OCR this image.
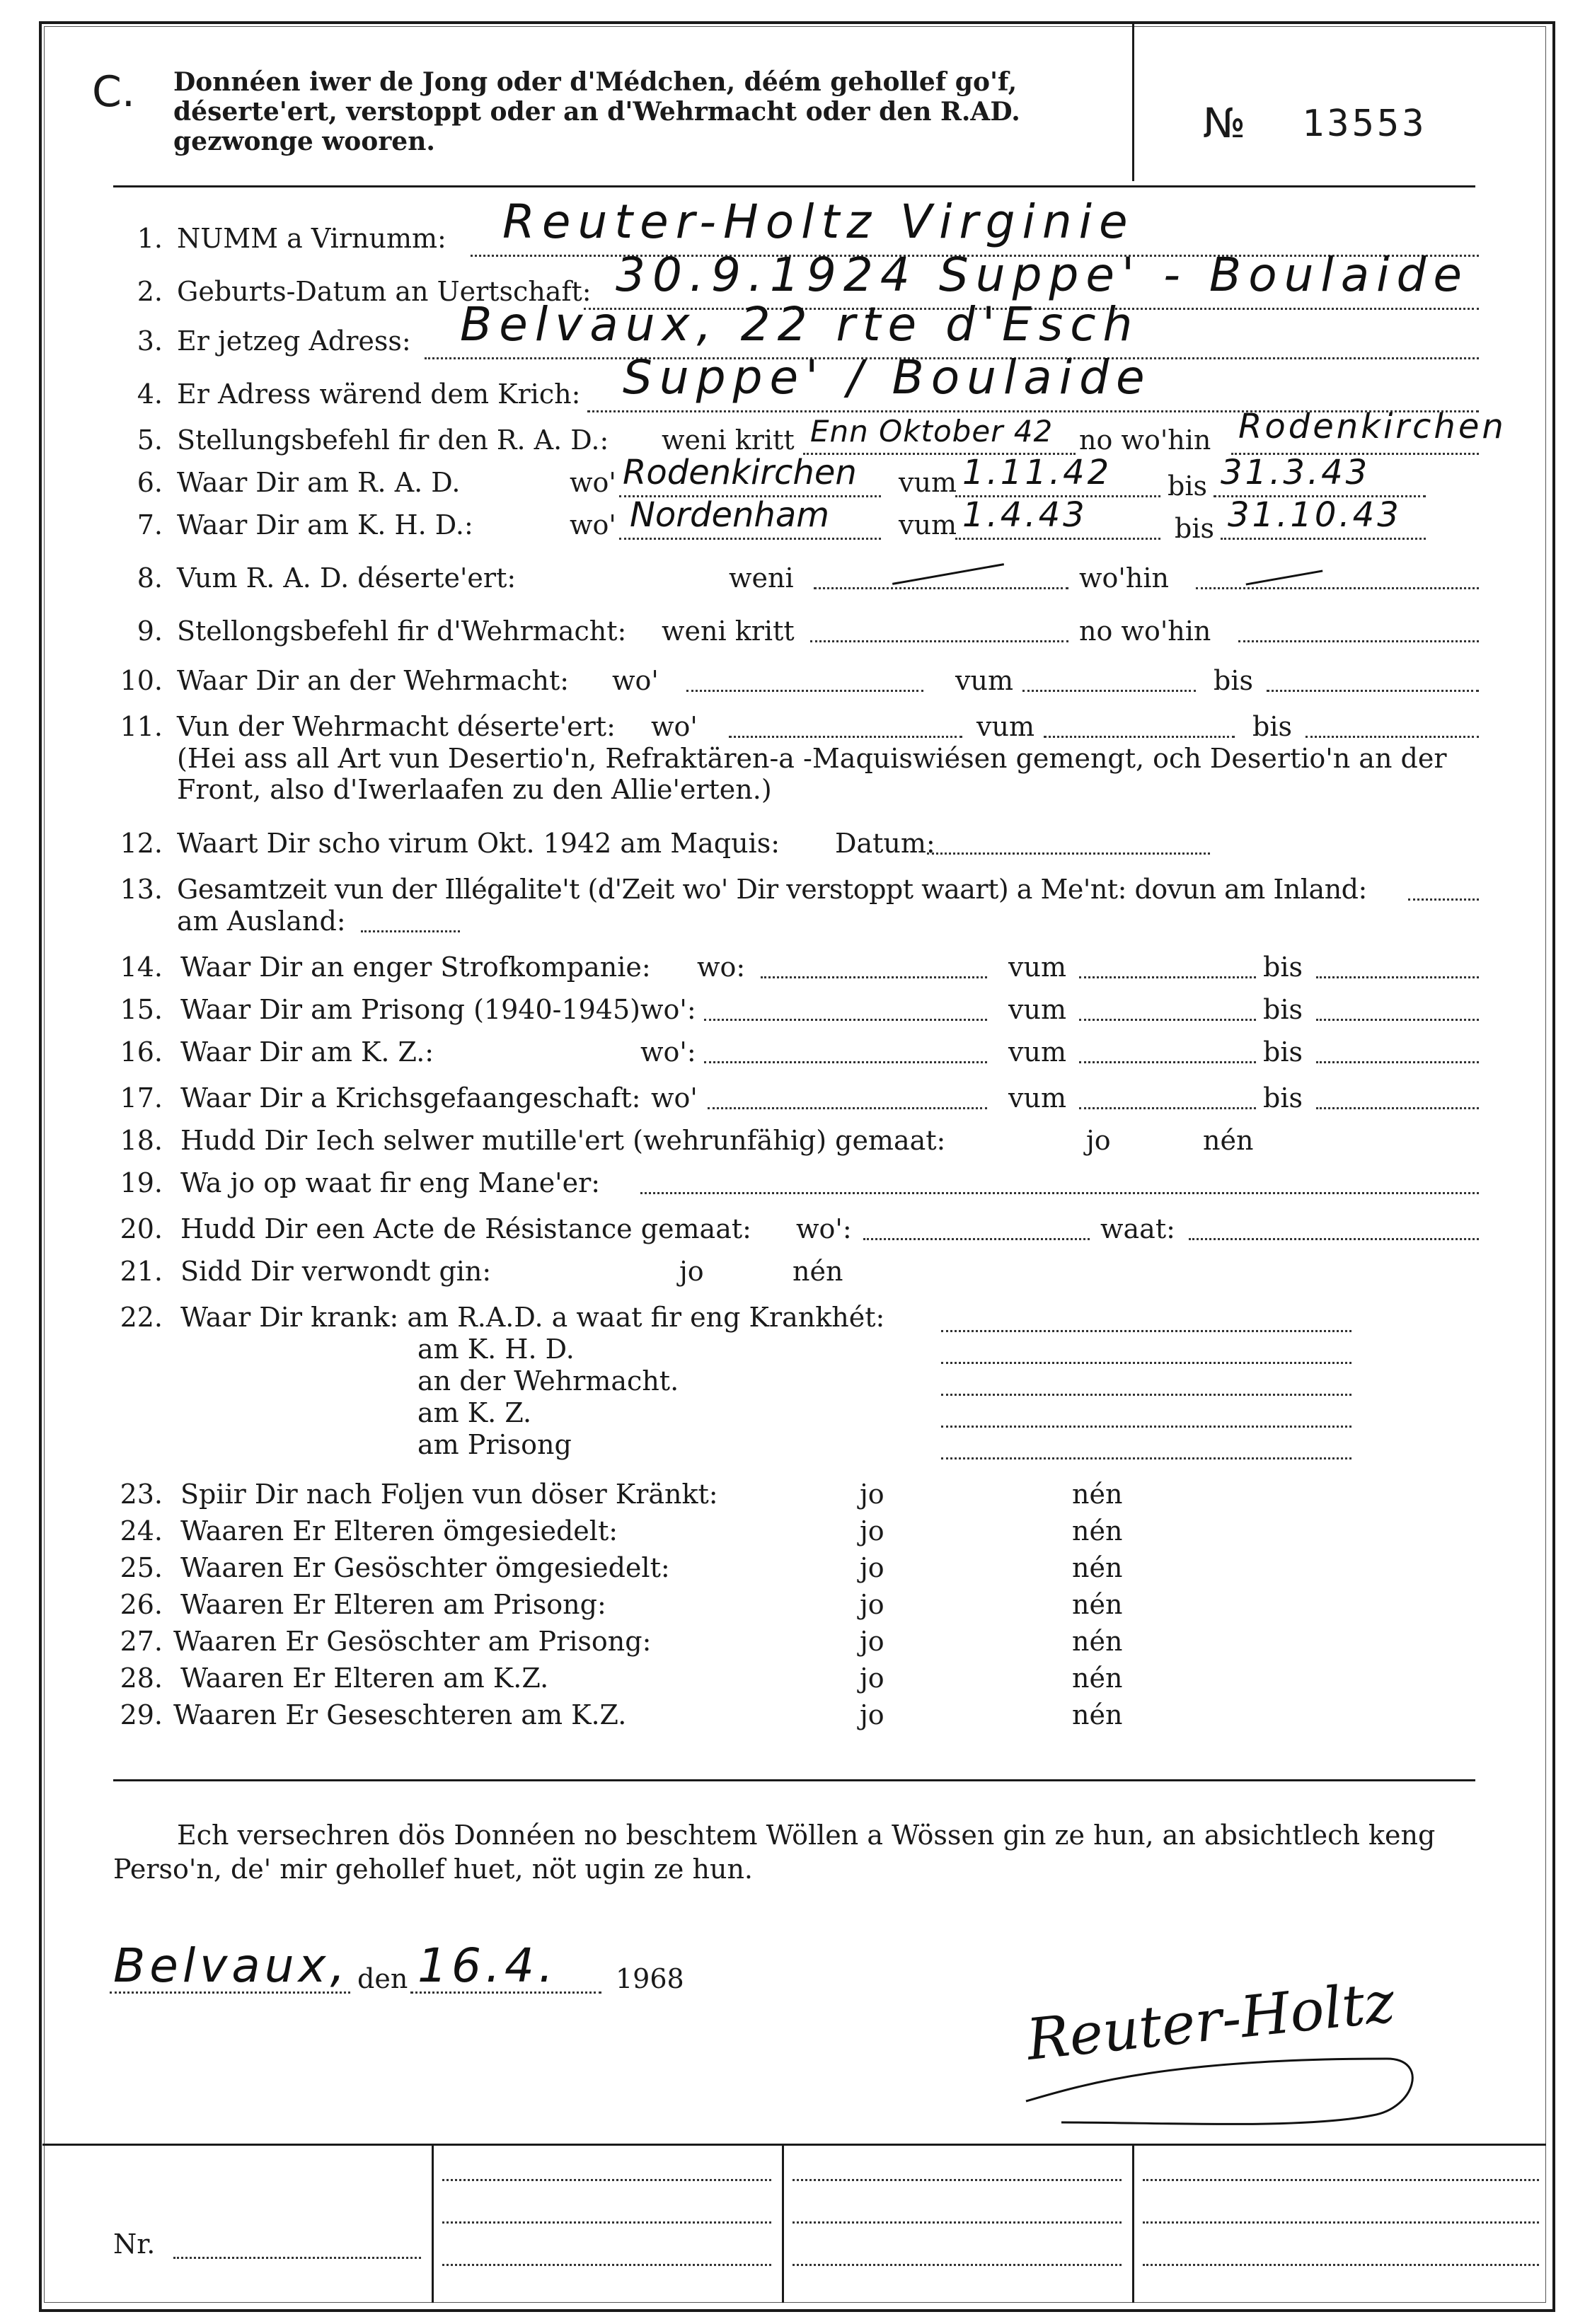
C. Donnéen iwer de Jong oder d'Médchen, déém gehollef go'f, déserte'ert, verstoppt oder an d'Wehrmacht oder den R.AD. gezwonge wooren.	№ 13553
1. NUMM a Virnumm: Reuter-Holtz Virginie
2. Geburts-Datum an Uertschaft: 30.9.1924 Suppe' - Boulaide
3. Er jetzeg Adress: Belvaux, 22 rte d'Esch
4. Er Adress wärend dem Krich: Suppe' / Boulaide
5. Stellungsbefehl fir den R. A. D.: weni kritt Enn Oktober 42 no wo'hin Rodenkirchen
6. Waar Dir am R. A. D.	wo' Rodenkirchen vum 1.11.42 bis 31.3.43
7. Waar Dir am K. H. D.:	wo' Nordenham	vum 1.4.43	bis 31.10.43
8. Vum R. A. D. déserte'ert:	weni	wo'hin
9. Stellongsbefehl fir d'Wehrmacht: weni kritt	no wo'hin
10. Waar Dir an der Wehrmacht: wo'	vum	bis
11. Vun der Wehrmacht déserte'ert: wo'	vum	bis
(Hei ass all Art vun Desertio'n, Refraktären-a -Maquiswiésen gemengt, och Desertio'n an der Front, also d'Iwerlaafen zu den Allie'erten.)
12. Waart Dir scho virum Okt. 1942 am Maquis: Datum:
13. Gesamtzeit vun der Illégalite't (d'Zeit wo' Dir verstoppt waart) a Me'nt: dovun am Inland:
am Ausland:
14. Waar Dir an enger Strofkompanie: wo:	vum	bis
15. Waar Dir am Prisong (1940-1945) wo':	vum	bis
16. Waar Dir am K. Z.:	wo':	vum	bis
17. Waar Dir a Krichsgefaangeschaft: wo'	vum	bis
18. Hudd Dir Iech selwer mutille'ert (wehrunfähig) gemaat:	jo	nén
19. Wa jo op waat fir eng Mane'er:
20. Hudd Dir een Acte de Résistance gemaat: wo':	waat:
21. Sidd Dir verwondt gin:	jo	nén
22. Waar Dir krank: am R.A.D. a waat fir eng Krankhét:
am K. H. D.
an der Wehrmacht.
am K. Z.
am Prisong
23. Spiir Dir nach Foljen vun döser Kränkt:	jo	nén
24. Waaren Er Elteren ömgesiedelt:	jo	nén
25. Waaren Er Gesöschter ömgesiedelt:	jo	nén
26. Waaren Er Elteren am Prisong:	jo	nén
27. Waaren Er Gesöschter am Prisong:	jo	nén
28. Waaren Er Elteren am K.Z.	jo	nén
29. Waaren Er Geseschteren am K.Z.	jo	nén
Ech versechren dös Donnéen no beschtem Wöllen a Wössen gin ze hun, an absichtlech keng Perso'n, de' mir gehollef huet, nöt ugin ze hun.
Belvaux, den 16.4. 1968	Reuter-Holtz
Nr.
